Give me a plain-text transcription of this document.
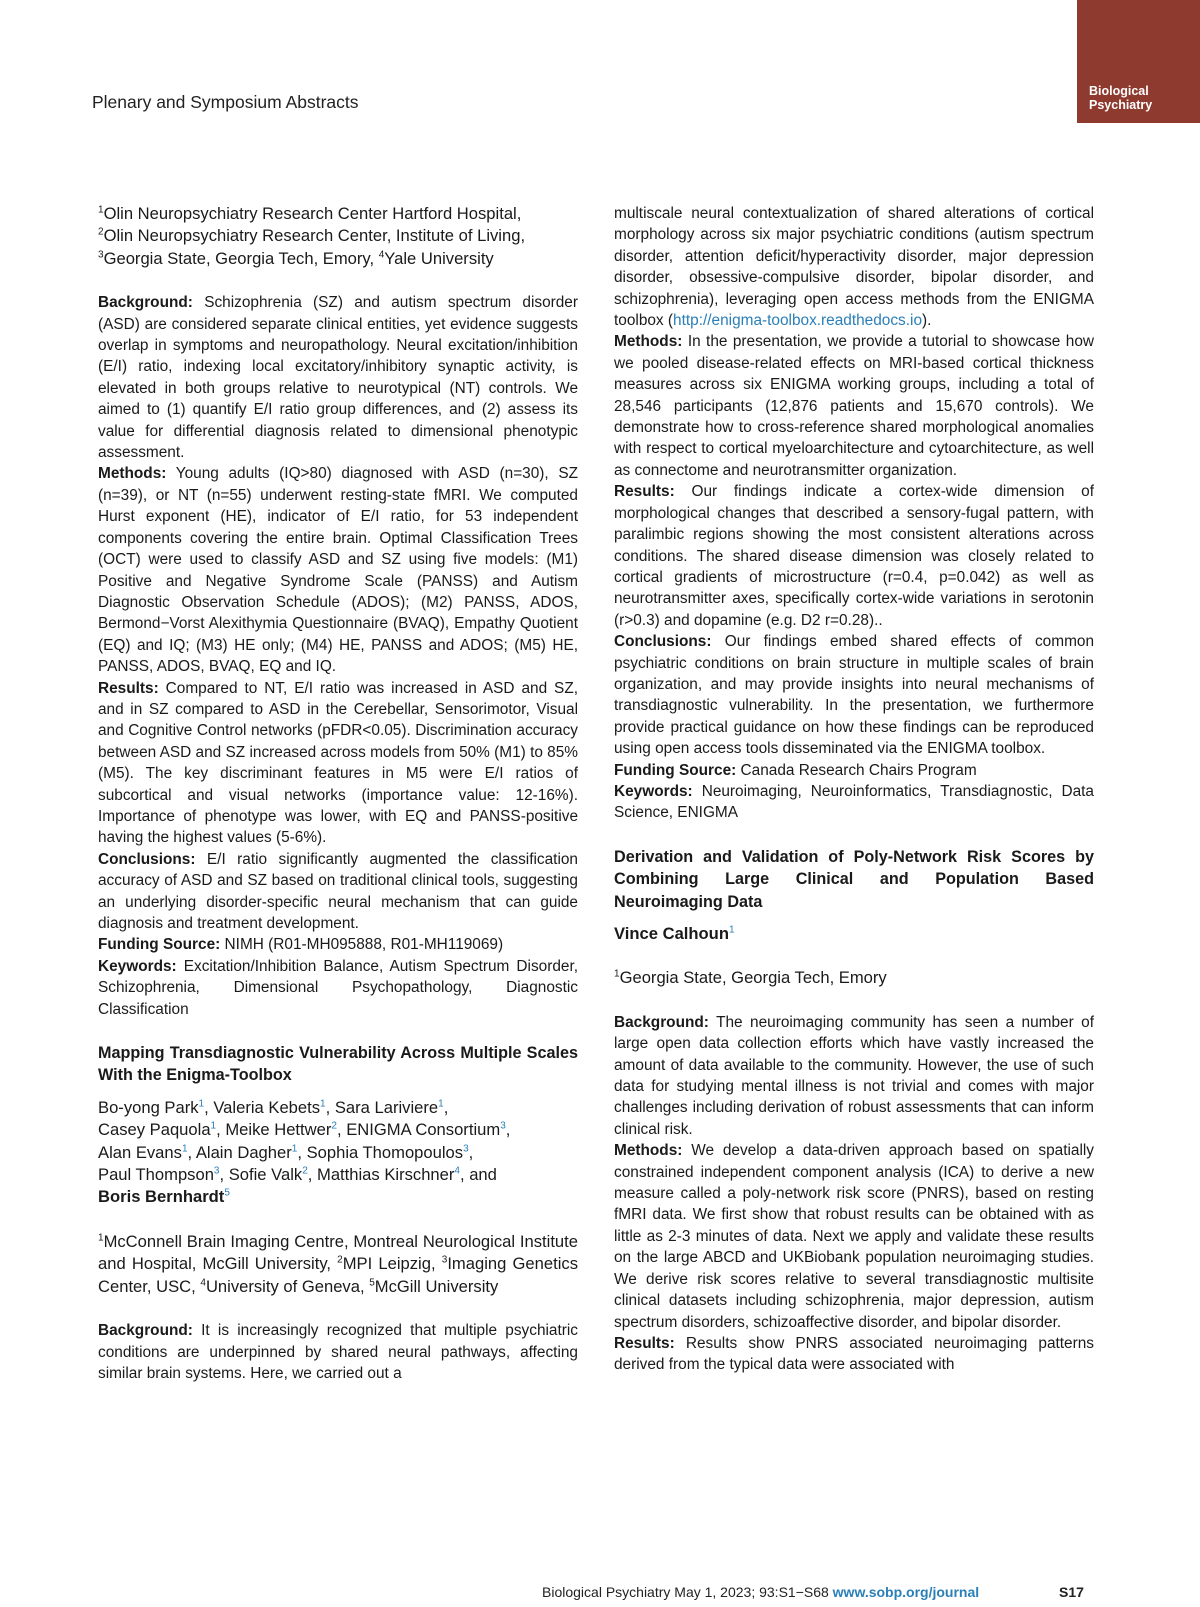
Biological
Psychiatry
Plenary and Symposium Abstracts

$^1$Olin Neuropsychiatry Research Center Hartford Hospital,
$^2$Olin Neuropsychiatry Research Center, Institute of Living,
$^3$Georgia State, Georgia Tech, Emory, $^4$Yale University

Background: Schizophrenia (SZ) and autism spectrum disorder (ASD) are considered separate clinical entities, yet evidence suggests overlap in symptoms and neuropathology. Neural excitation/inhibition (E/I) ratio, indexing local excitatory/inhibitory synaptic activity, is elevated in both groups relative to neurotypical (NT) controls. We aimed to (1) quantify E/I ratio group differences, and (2) assess its value for differential diagnosis related to dimensional phenotypic assessment.

Methods: Young adults (IQ>80) diagnosed with ASD (n=30), SZ (n=39), or NT (n=55) underwent resting-state fMRI. We computed Hurst exponent (HE), indicator of E/I ratio, for 53 independent components covering the entire brain. Optimal Classification Trees (OCT) were used to classify ASD and SZ using five models: (M1) Positive and Negative Syndrome Scale (PANSS) and Autism Diagnostic Observation Schedule (ADOS); (M2) PANSS, ADOS, Bermond−Vorst Alexithymia Questionnaire (BVAQ), Empathy Quotient (EQ) and IQ; (M3) HE only; (M4) HE, PANSS and ADOS; (M5) HE, PANSS, ADOS, BVAQ, EQ and IQ.

Results: Compared to NT, E/I ratio was increased in ASD and SZ, and in SZ compared to ASD in the Cerebellar, Sensorimotor, Visual and Cognitive Control networks (pFDR<0.05). Discrimination accuracy between ASD and SZ increased across models from 50% (M1) to 85% (M5). The key discriminant features in M5 were E/I ratios of subcortical and visual networks (importance value: 12-16%). Importance of phenotype was lower, with EQ and PANSS-positive having the highest values (5-6%).

Conclusions: E/I ratio significantly augmented the classification accuracy of ASD and SZ based on traditional clinical tools, suggesting an underlying disorder-specific neural mechanism that can guide diagnosis and treatment development.

Funding Source: NIMH (R01-MH095888, R01-MH119069)

Keywords: Excitation/Inhibition Balance, Autism Spectrum Disorder, Schizophrenia, Dimensional Psychopathology, Diagnostic Classification

Mapping Transdiagnostic Vulnerability Across Multiple Scales With the Enigma-Toolbox

Bo-yong Park$^1$, Valeria Kebets$^1$, Sara Lariviere$^1$,
Casey Paquola$^1$, Meike Hettwer$^2$, ENIGMA Consortium$^3$,
Alan Evans$^1$, Alain Dagher$^1$, Sophia Thomopoulos$^3$,
Paul Thompson$^3$, Sofie Valk$^2$, Matthias Kirschner$^4$, and
Boris Bernhardt$^5$

$^1$McConnell Brain Imaging Centre, Montreal Neurological Institute and Hospital, McGill University, $^2$MPI Leipzig, $^3$Imaging Genetics Center, USC, $^4$University of Geneva, $^5$McGill University

Background: It is increasingly recognized that multiple psychiatric conditions are underpinned by shared neural pathways, affecting similar brain systems. Here, we carried out a

multiscale neural contextualization of shared alterations of cortical morphology across six major psychiatric conditions (autism spectrum disorder, attention deficit/hyperactivity disorder, major depression disorder, obsessive-compulsive disorder, bipolar disorder, and schizophrenia), leveraging open access methods from the ENIGMA toolbox (http://enigma-toolbox.readthedocs.io).

Methods: In the presentation, we provide a tutorial to showcase how we pooled disease-related effects on MRI-based cortical thickness measures across six ENIGMA working groups, including a total of 28,546 participants (12,876 patients and 15,670 controls). We demonstrate how to cross-reference shared morphological anomalies with respect to cortical myeloarchitecture and cytoarchitecture, as well as connectome and neurotransmitter organization.

Results: Our findings indicate a cortex-wide dimension of morphological changes that described a sensory-fugal pattern, with paralimbic regions showing the most consistent alterations across conditions. The shared disease dimension was closely related to cortical gradients of microstructure (r=0.4, p=0.042) as well as neurotransmitter axes, specifically cortex-wide variations in serotonin (r>0.3) and dopamine (e.g. D2 r=0.28)..

Conclusions: Our findings embed shared effects of common psychiatric conditions on brain structure in multiple scales of brain organization, and may provide insights into neural mechanisms of transdiagnostic vulnerability. In the presentation, we furthermore provide practical guidance on how these findings can be reproduced using open access tools disseminated via the ENIGMA toolbox.

Funding Source: Canada Research Chairs Program

Keywords: Neuroimaging, Neuroinformatics, Transdiagnostic, Data Science, ENIGMA

Derivation and Validation of Poly-Network Risk Scores by Combining Large Clinical and Population Based Neuroimaging Data

Vince Calhoun$^1$

$^1$Georgia State, Georgia Tech, Emory

Background: The neuroimaging community has seen a number of large open data collection efforts which have vastly increased the amount of data available to the community. However, the use of such data for studying mental illness is not trivial and comes with major challenges including derivation of robust assessments that can inform clinical risk.

Methods: We develop a data-driven approach based on spatially constrained independent component analysis (ICA) to derive a new measure called a poly-network risk score (PNRS), based on resting fMRI data. We first show that robust results can be obtained with as little as 2-3 minutes of data. Next we apply and validate these results on the large ABCD and UKBiobank population neuroimaging studies. We derive risk scores relative to several transdiagnostic multisite clinical datasets including schizophrenia, major depression, autism spectrum disorders, schizoaffective disorder, and bipolar disorder.

Results: Results show PNRS associated neuroimaging patterns derived from the typical data were associated with

Biological Psychiatry May 1, 2023; 93:S1−S68 www.sobp.org/journal	S17
